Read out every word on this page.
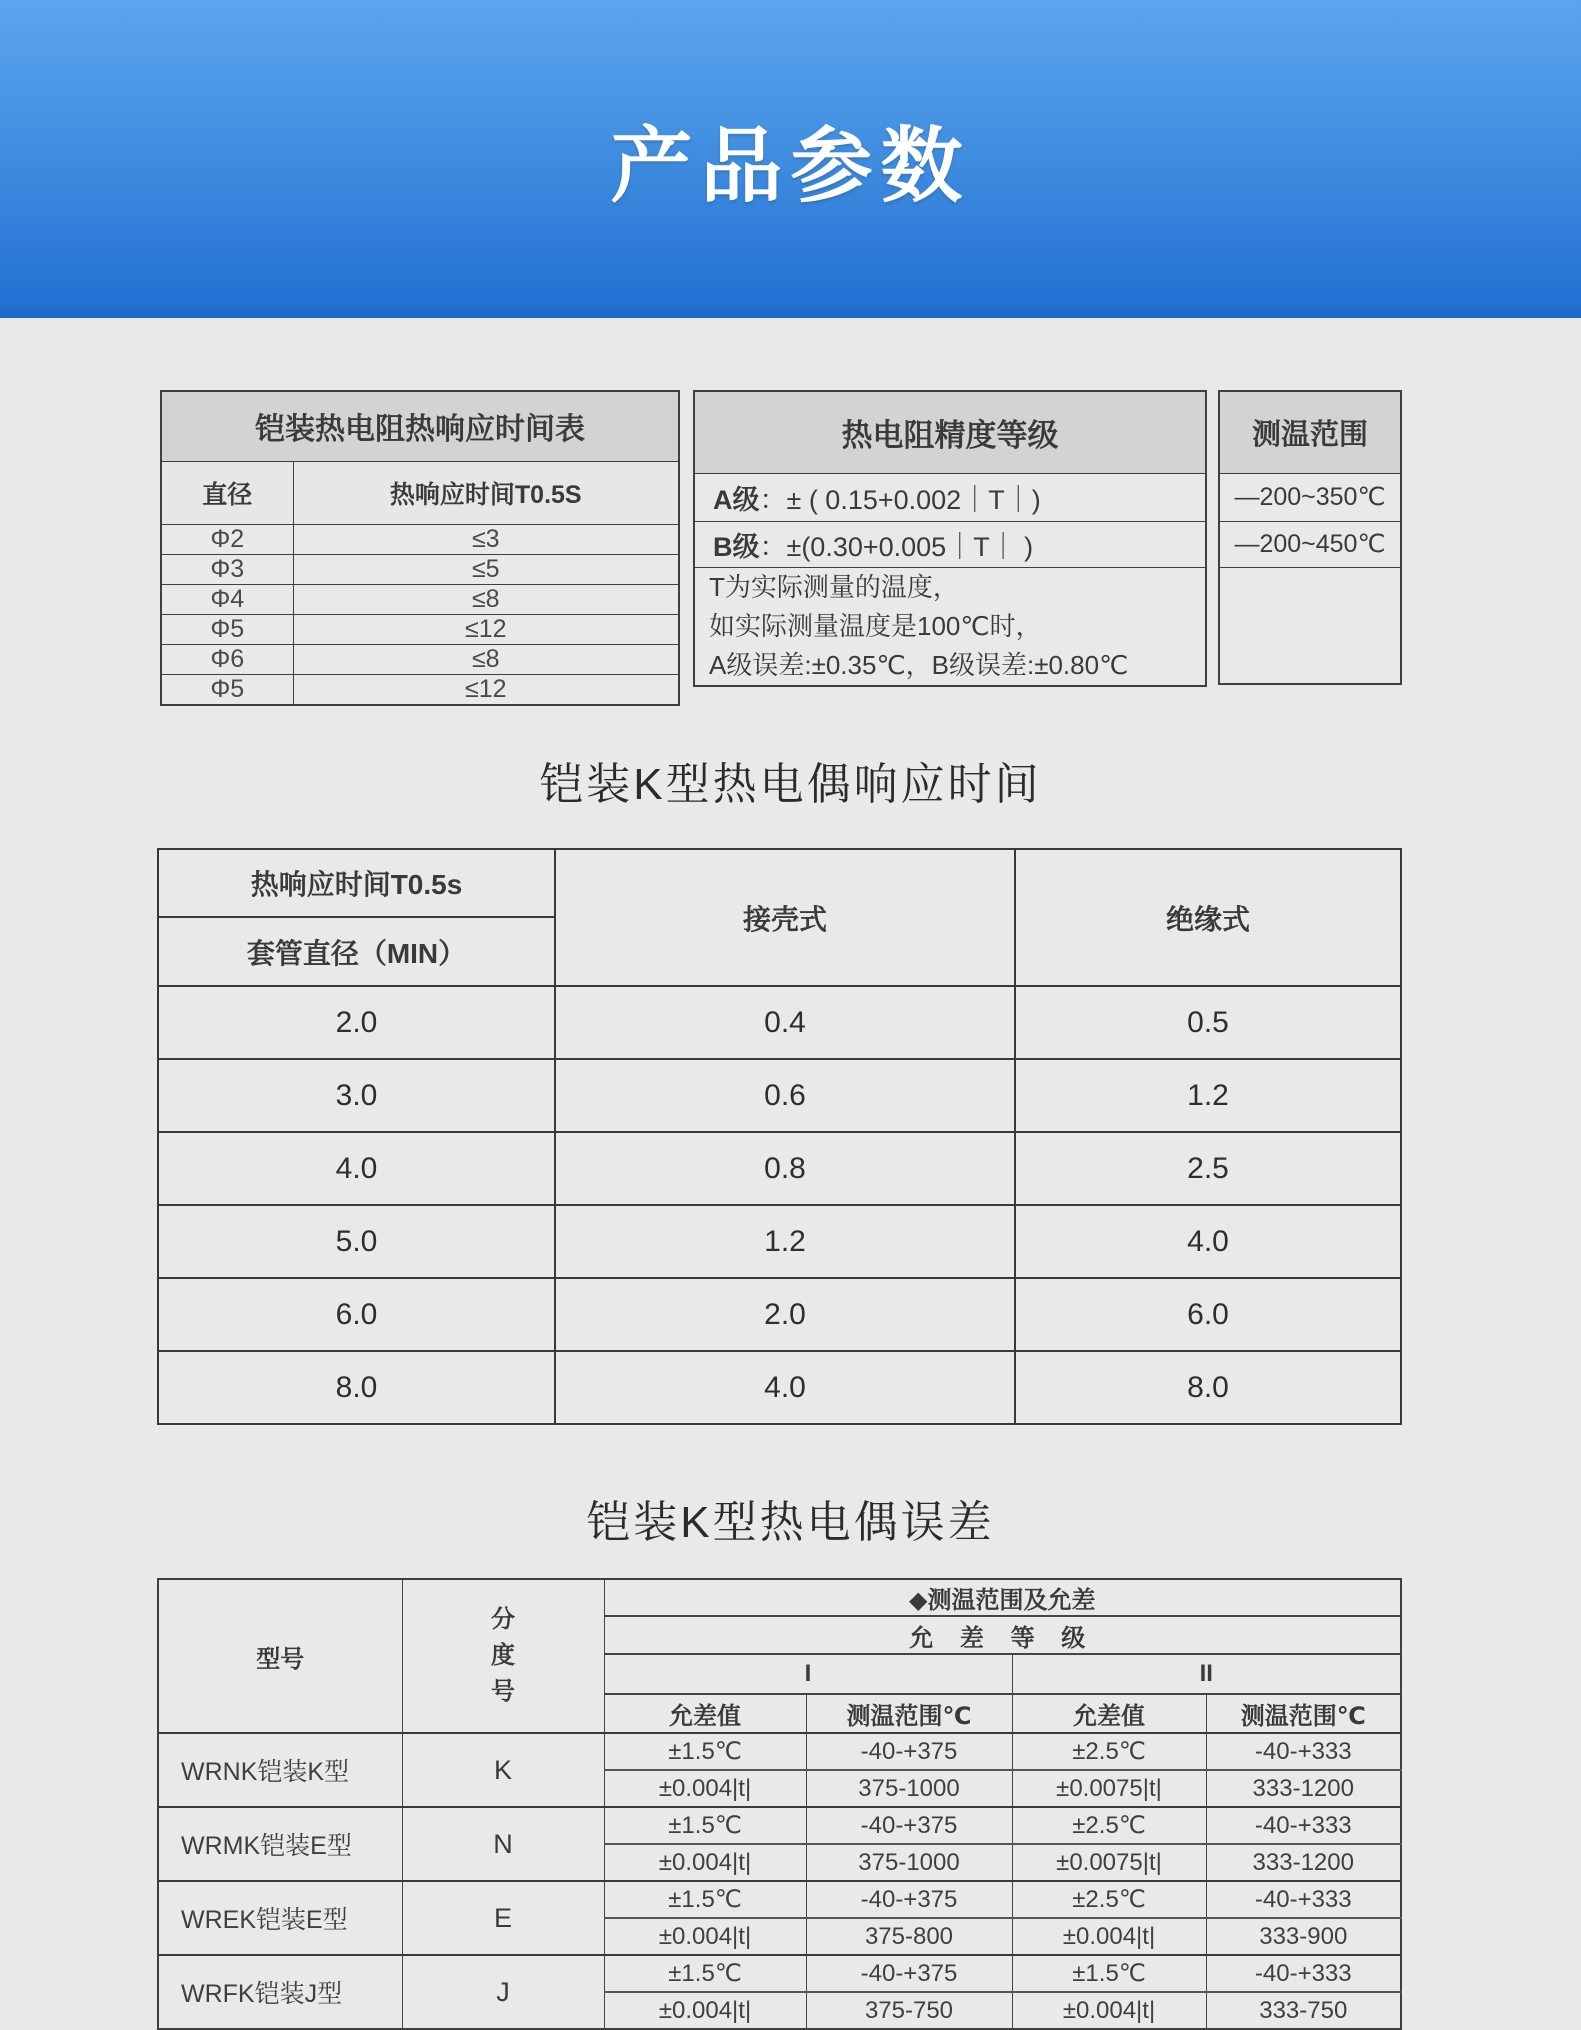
产品参数
铠装热电阻热响应时间表	
直径	热响应时间T0.5S
Φ2	≤3
Φ3	≤5
Φ4	≤8
Φ5	≤12
Φ6	≤8
Φ5	≤12
热电阻精度等级
A级：± ( 0.15+0.002｜T｜)
B级：±(0.30+0.005｜T｜ )

T为实际测量的温度，
如实际测量温度是100℃时，
A级误差:±0.35℃，B级误差:±0.80℃
测温范围
—200~350℃
—200~450℃

铠装K型热电偶响应时间
热响应时间T0.5s	接壳式	绝缘式
套管直径（MIN）		
2.0	0.4	0.5
3.0	0.6	1.2
4.0	0.8	2.5
5.0	1.2	4.0
6.0	2.0	6.0
8.0	4.0	8.0
铠装K型热电偶误差
型号	分度号	◆测温范围及允差			
		允 差 等 级			
		I		II	
		允差值	测温范围℃	允差值	测温范围℃
WRNK铠装K型	K	±1.5℃	-40-+375	±2.5℃	-40-+333
		±0.004|t|	375-1000	±0.0075|t|	333-1200
WRMK铠装E型	N	±1.5℃	-40-+375	±2.5℃	-40-+333
		±0.004|t|	375-1000	±0.0075|t|	333-1200
WREK铠装E型	E	±1.5℃	-40-+375	±2.5℃	-40-+333
		±0.004|t|	375-800	±0.004|t|	333-900
WRFK铠装J型	J	±1.5℃	-40-+375	±1.5℃	-40-+333
		±0.004|t|	375-750	±0.004|t|	333-750
